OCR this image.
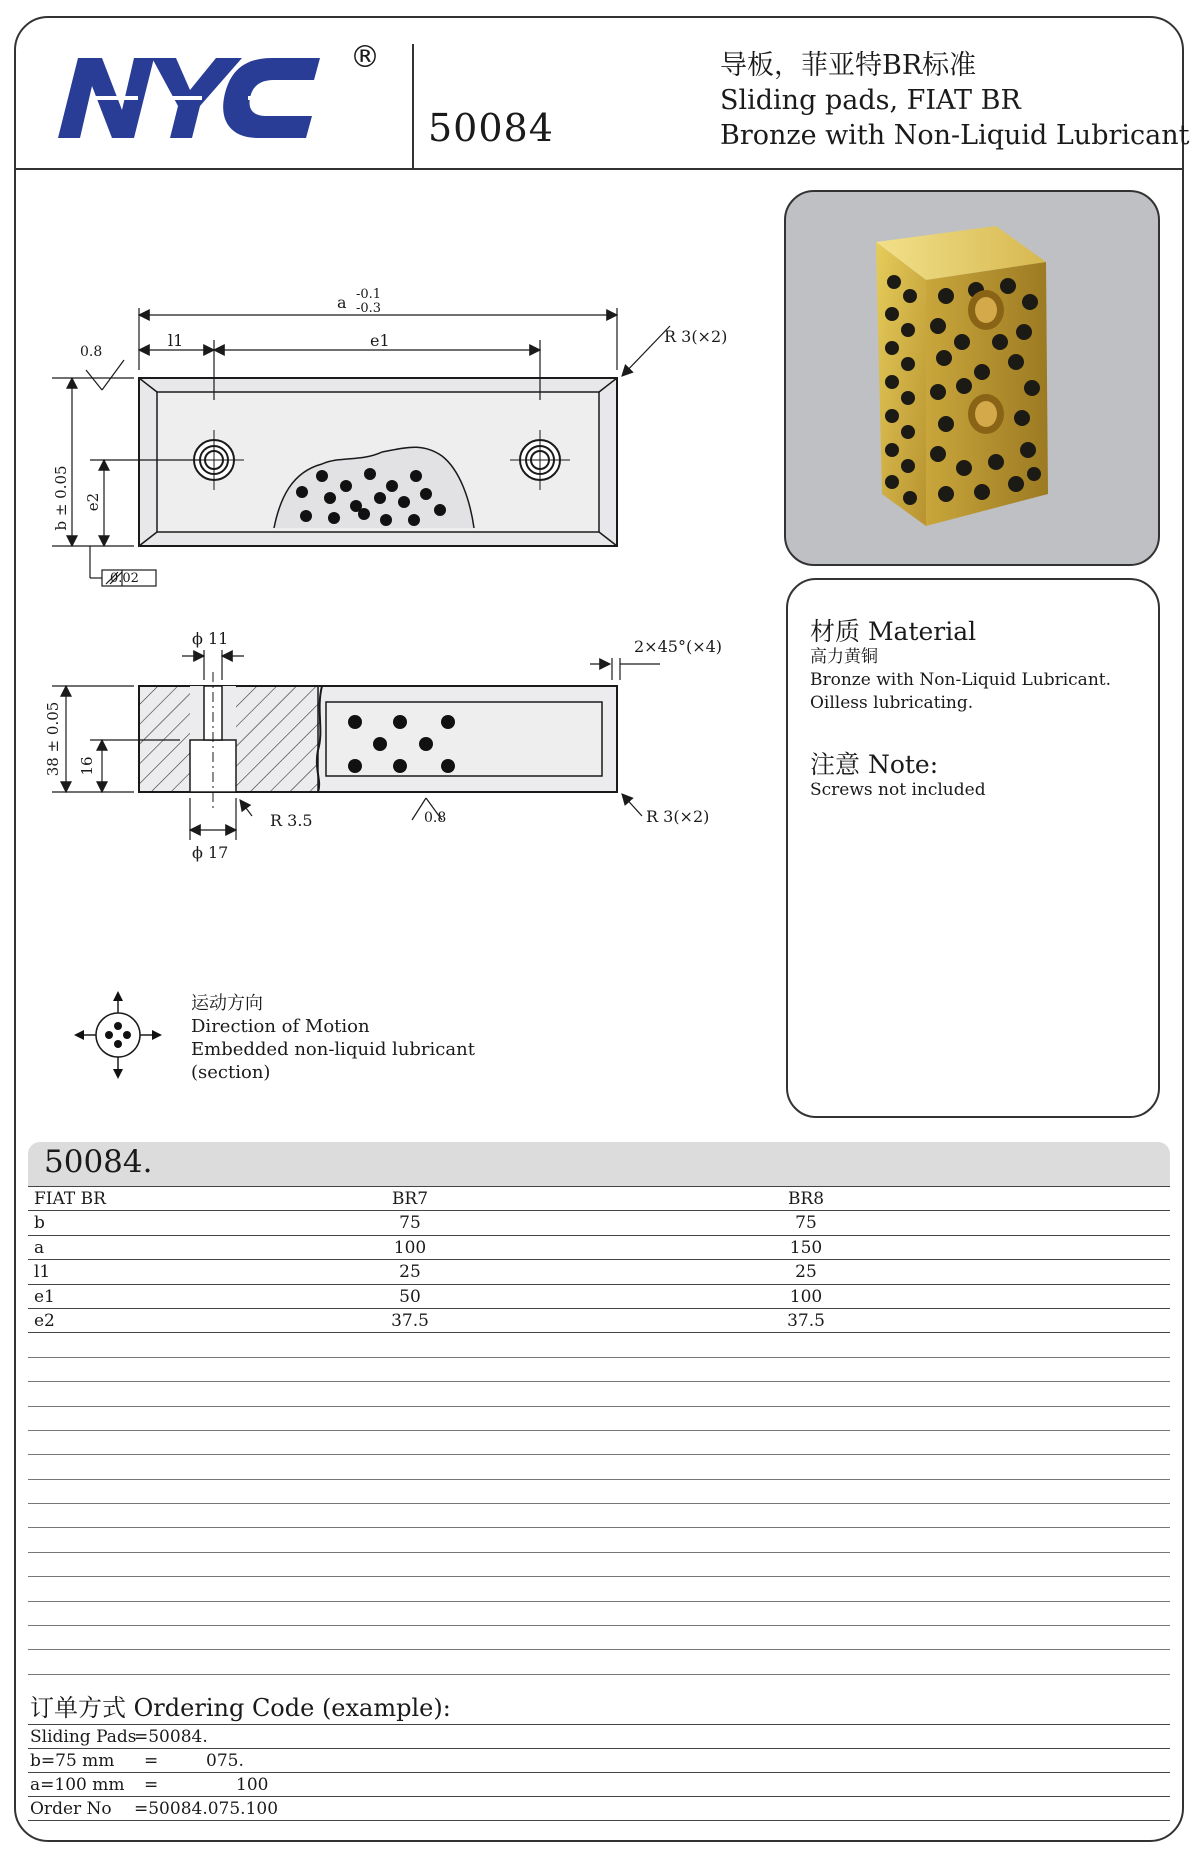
®
50084
导板，菲亚特BR标准
Sliding pads, FIAT BR
Bronze with Non-Liquid Lubricant
a -0.1
-0.3
l1	e1
0.8
R 3(×2)
0.02
b ± 0.05 e2
ϕ 11
ϕ 17
2×45°(×4)
38 ± 0.05 16
R 3.5	0.8	R 3(×2)
运动方向
Direction of Motion
Embedded non-liquid lubricant
(section)
材质 Material
高力黄铜
Bronze with Non-Liquid Lubricant.
Oilless lubricating.
注意 Note:
Screws not included
50084.
FIAT BR	BR7	BR8
b	75	75
a	100	150
l1	25	25
e1	50	100
e2	37.5	37.5
订单方式 Ordering Code (example):
Sliding Pads
=50084.
b=75 mm =	075.
a=100 mm =	100
Order No =50084.075.100
